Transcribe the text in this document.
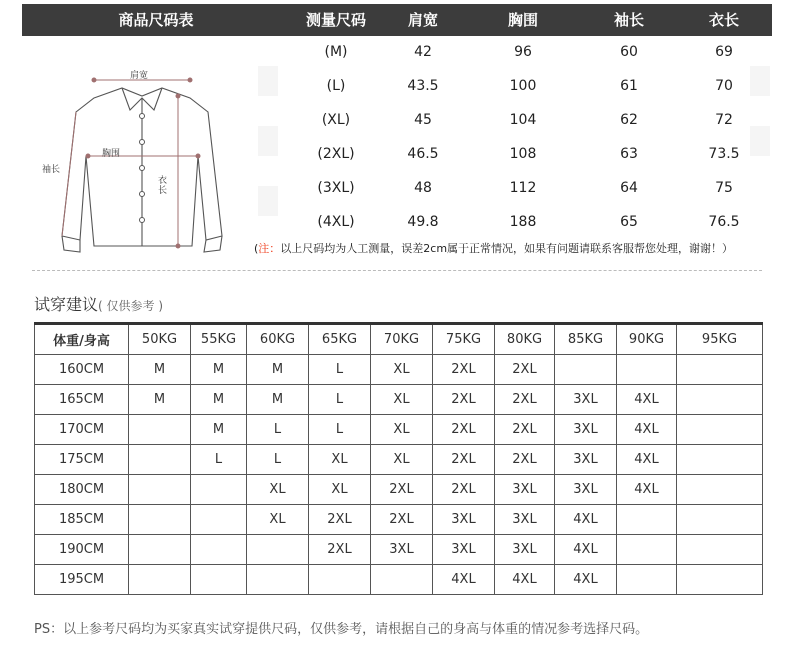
商品尺码表	测量尺码	肩宽	胸围	袖长	衣长
肩宽
胸围
袖长
衣长
(M)	42	96	60	69
(L)	43.5	100	61	70
(XL)	45	104	62	72
(2XL)	46.5	108	63	73.5
(3XL)	48	112	64	75
(4XL)	49.8	188	65	76.5
(注：以上尺码均为人工测量，误差2cm属于正常情况，如果有问题请联系客服帮您处理，谢谢！）
试穿建议( 仅供参考 )
体重/身高	50KG	55KG	60KG	65KG	70KG	75KG	80KG	85KG	90KG	95KG
160CM	M	M	M	L	XL	2XL	2XL			
165CM	M	M	M	L	XL	2XL	2XL	3XL	4XL	
170CM		M	L	L	XL	2XL	2XL	3XL	4XL	
175CM		L	L	XL	XL	2XL	2XL	3XL	4XL	
180CM			XL	XL	2XL	2XL	3XL	3XL	4XL	
185CM			XL	2XL	2XL	3XL	3XL	4XL		
190CM				2XL	3XL	3XL	3XL	4XL		
195CM						4XL	4XL	4XL		
PS：以上参考尺码均为买家真实试穿提供尺码，仅供参考，请根据自己的身高与体重的情况参考选择尺码。
